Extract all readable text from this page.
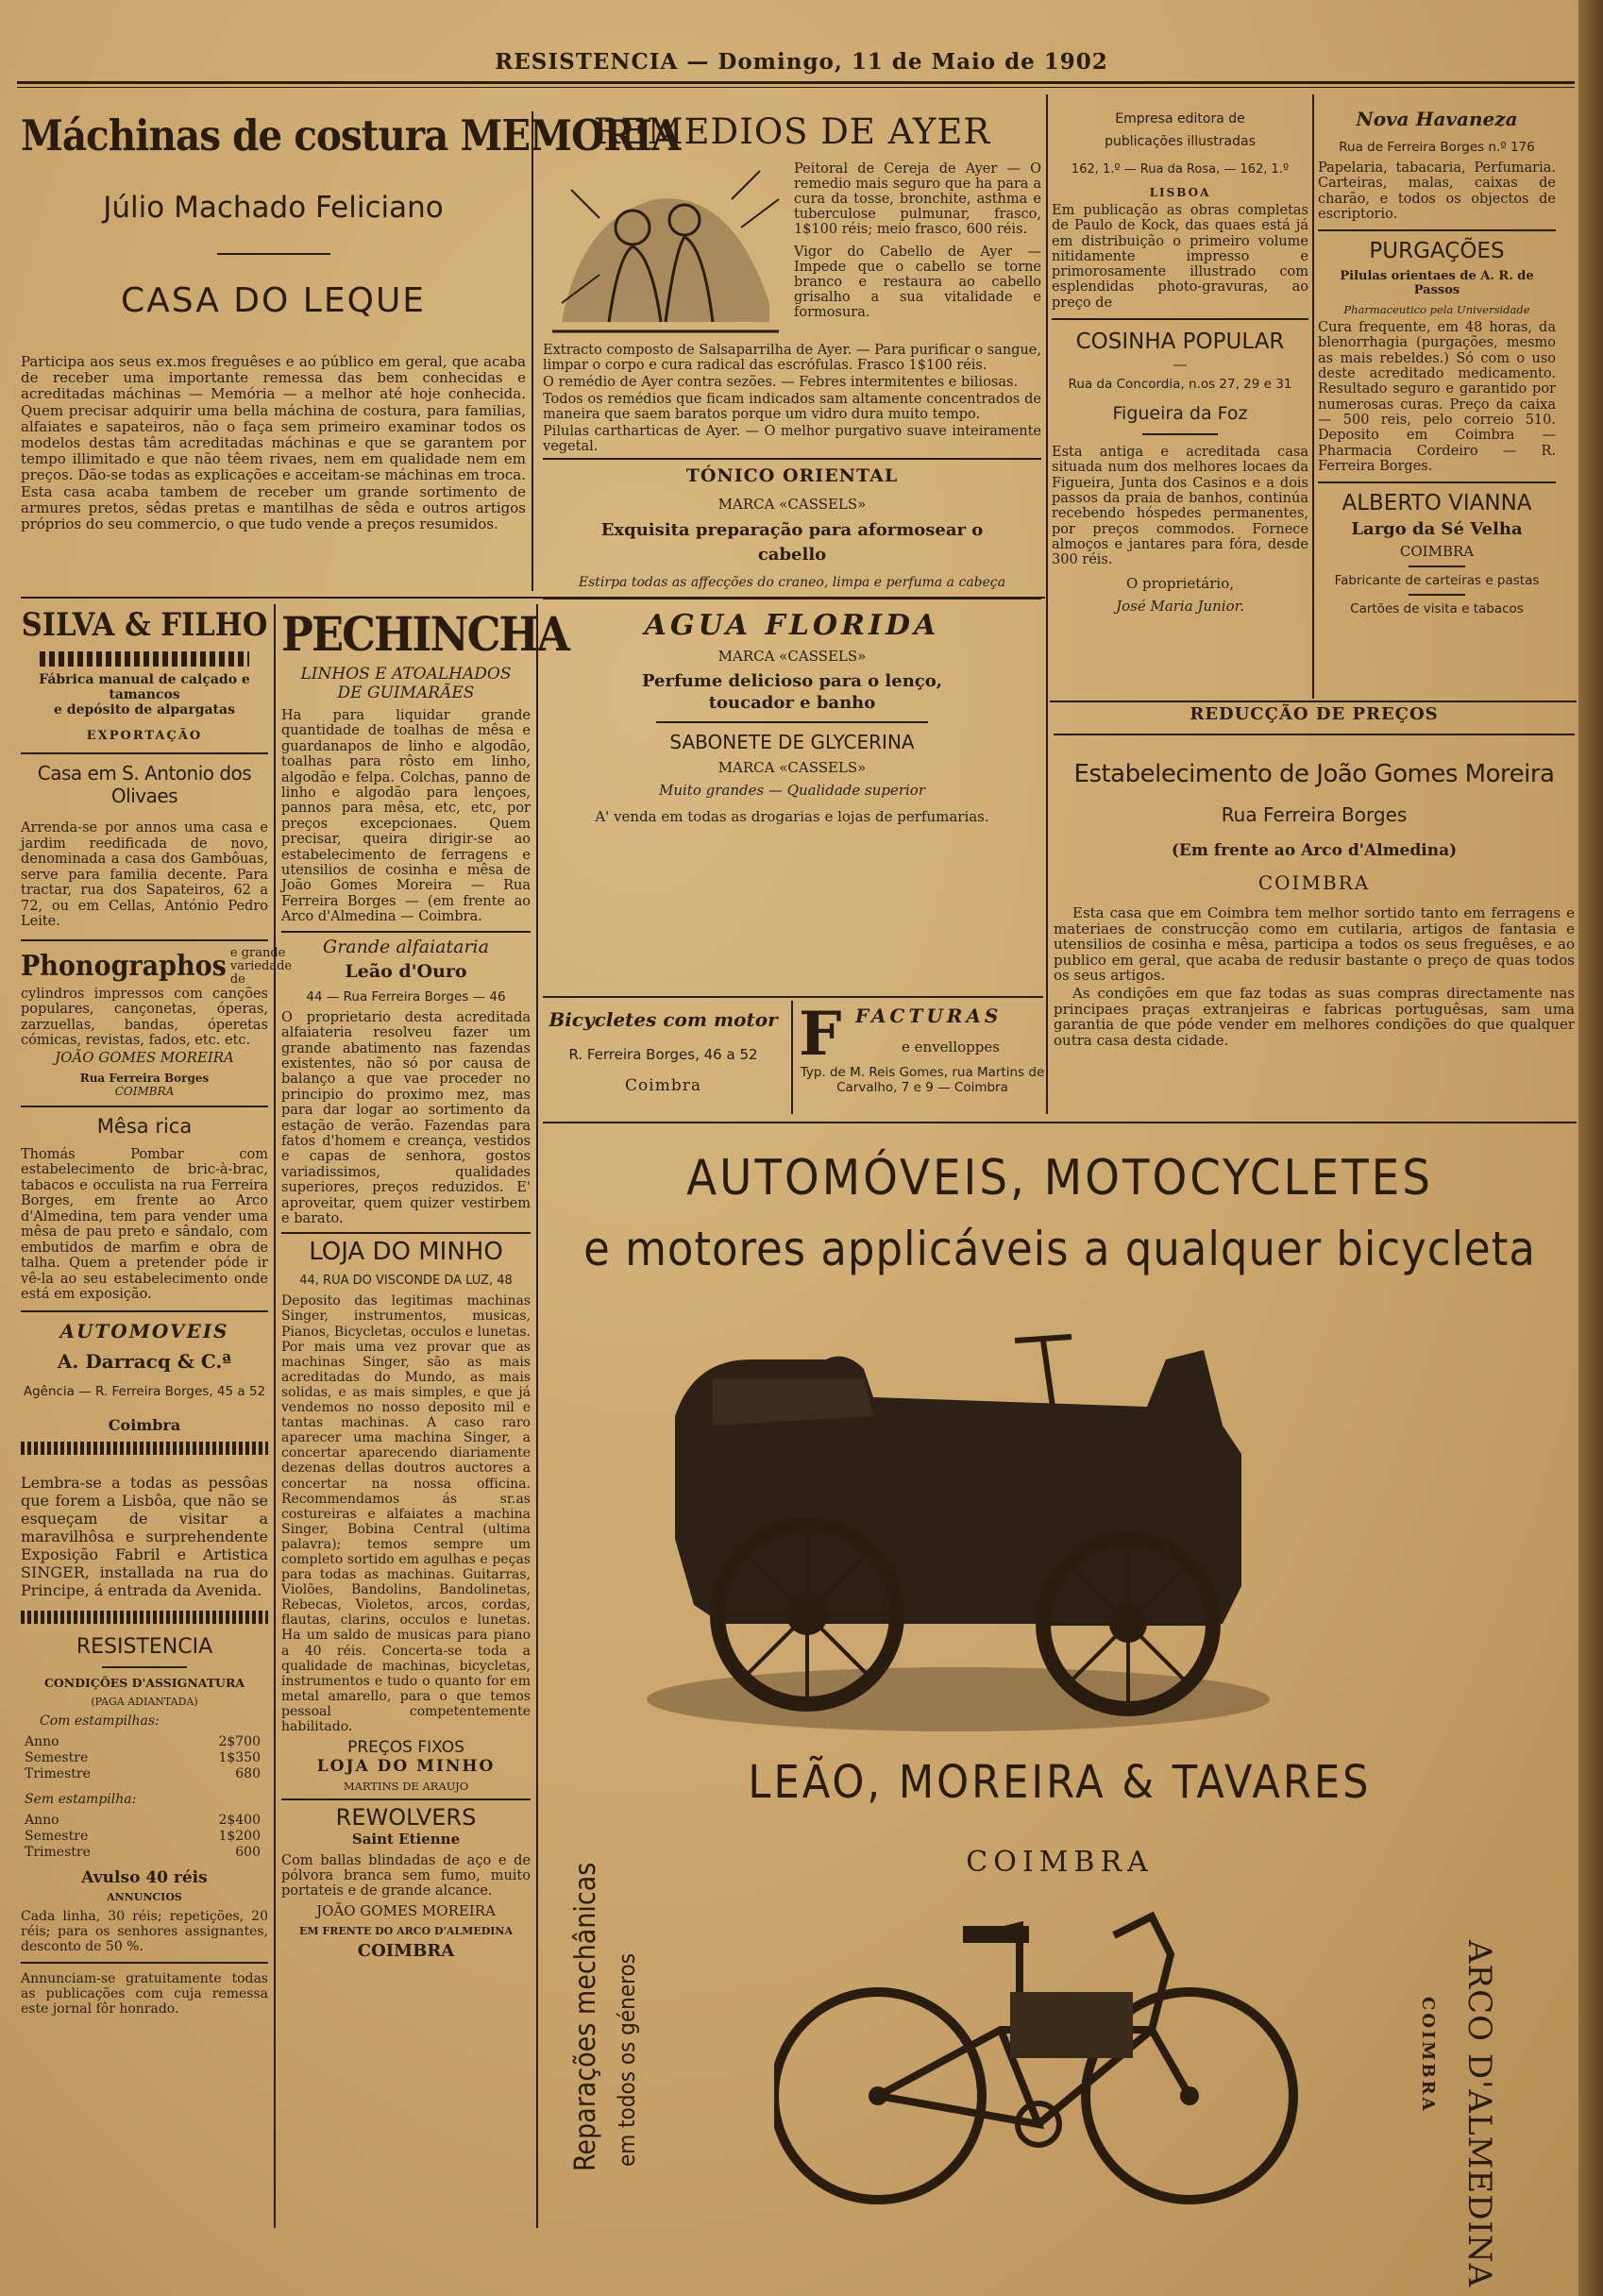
RESISTENCIA — Domingo, 11 de Maio de 1902
Máchinas de costura MEMORIA
Júlio Machado Feliciano
CASA DO LEQUE
Participa aos seus ex.mos freguêses e ao público em geral, que acaba de receber uma importante remessa das bem conhecidas e acreditadas máchinas — Memória — a melhor até hoje conhecida. Quem precisar adquirir uma bella máchina de costura, para familias, alfaiates e sapateiros, não o faça sem primeiro examinar todos os modelos destas tâm acreditadas máchinas e que se garantem por tempo illimitado e que não têem rivaes, nem em qualidade nem em preços. Dão-se todas as explicações e acceitam-se máchinas em troca. Esta casa acaba tambem de receber um grande sortimento de armures pretos, sêdas pretas e mantilhas de sêda e outros artigos próprios do seu commercio, o que tudo vende a preços resumidos.
SILVA & FILHO
Fábrica manual de calçado e tamancos
e depósito de alpargatas
EXPORTAÇÃO
Casa em S. Antonio dos Olivaes
Arrenda-se por annos uma casa e jardim reedificada de novo, denominada a casa dos Gambôuas, serve para familia decente. Para tractar, rua dos Sapateiros, 62 a 72, ou em Cellas, António Pedro Leite.
Phonographos e grande variedade de
cylindros impressos com canções populares, cançonetas, óperas, zarzuellas, bandas, óperetas cómicas, revistas, fados, etc. etc.
JOÃO GOMES MOREIRA
Rua Ferreira Borges
COIMBRA
Mêsa rica
Thomás Pombar com estabelecimento de bric-à-brac, tabacos e occulista na rua Ferreira Borges, em frente ao Arco d'Almedina, tem para vender uma mêsa de pau preto e sândalo, com embutidos de marfim e obra de talha. Quem a pretender póde ir vê-la ao seu estabelecimento onde está em exposição.
AUTOMOVEIS
A. Darracq & C.ª
Agência — R. Ferreira Borges, 45 a 52
Coimbra
Lembra-se a todas as pessôas que forem a Lisbôa, que não se esqueçam de visitar a maravilhôsa e surprehendente Exposição Fabril e Artistica SINGER, installada na rua do Principe, á entrada da Avenida.
RESISTENCIA
CONDIÇÕES D'ASSIGNATURA
(PAGA ADIANTADA)
Com estampilhas:
Anno	2$700
Semestre	1$350
Trimestre	680
Sem estampilha:
Anno	2$400
Semestre	1$200
Trimestre	600
Avulso 40 réis
ANNUNCIOS
Cada linha, 30 réis; repetições, 20 réis; para os senhores assignantes, desconto de 50 %.
Annunciam-se gratuitamente todas as publicações com cuja remessa este jornal fôr honrado.
PECHINCHA
LINHOS E ATOALHADOS
DE GUIMARÃES
Ha para liquidar grande quantidade de toalhas de mêsa e guardanapos de linho e algodão, toalhas para rôsto em linho, algodão e felpa. Colchas, panno de linho e algodão para lençoes, pannos para mêsa, etc, etc, por preços excepcionaes. Quem precisar, queira dirigir-se ao estabelecimento de ferragens e utensilios de cosinha e mêsa de João Gomes Moreira — Rua Ferreira Borges — (em frente ao Arco d'Almedina — Coimbra.
Grande alfaiataria
Leão d'Ouro
44 — Rua Ferreira Borges — 46
O proprietario desta acreditada alfaiateria resolveu fazer um grande abatimento nas fazendas existentes, não só por causa de balanço a que vae proceder no principio do proximo mez, mas para dar logar ao sortimento da estação de verão. Fazendas para fatos d'homem e creança, vestidos e capas de senhora, gostos variadissimos, qualidades superiores, preços reduzidos. E' aproveitar, quem quizer vestirbem e barato.
LOJA DO MINHO
44, RUA DO VISCONDE DA LUZ, 48
Deposito das legitimas machinas Singer, instrumentos, musicas, Pianos, Bicycletas, occulos e lunetas. Por mais uma vez provar que as machinas Singer, são as mais acreditadas do Mundo, as mais solidas, e as mais simples, e que já vendemos no nosso deposito mil e tantas machinas. A caso raro aparecer uma machina Singer, a concertar aparecendo diariamente dezenas dellas doutros auctores a concertar na nossa officina. Recommendamos ás sr.as costureiras e alfaiates a machina Singer, Bobina Central (ultima palavra); temos sempre um completo sortido em agulhas e peças para todas as machinas. Guitarras, Violões, Bandolins, Bandolinetas, Rebecas, Violetos, arcos, cordas, flautas, clarins, occulos e lunetas. Ha um saldo de musicas para piano a 40 réis. Concerta-se toda a qualidade de machinas, bicycletas, instrumentos e tudo o quanto for em metal amarello, para o que temos pessoal competentemente habilitado.
PREÇOS FIXOS
LOJA DO MINHO
MARTINS DE ARAUJO
REWOLVERS
Saint Etienne
Com ballas blindadas de aço e de pólvora branca sem fumo, muito portateis e de grande alcance.
JOÃO GOMES MOREIRA
EM FRENTE DO ARCO D'ALMEDINA
COIMBRA
REMEDIOS DE AYER
Peitoral de Cereja de Ayer — O remedio mais seguro que ha para a cura da tosse, bronchite, asthma e tuberculose pulmunar, frasco, 1$100 réis; meio frasco, 600 réis.
Vigor do Cabello de Ayer — Impede que o cabello se torne branco e restaura ao cabello grisalho a sua vitalidade e formosura.
Extracto composto de Salsaparrilha de Ayer. — Para purificar o sangue, limpar o corpo e cura radical das escrófulas. Frasco 1$100 réis.
O remédio de Ayer contra sezões. — Febres intermitentes e biliosas.
Todos os remédios que ficam indicados sam altamente concentrados de maneira que saem baratos porque um vidro dura muito tempo.
Pilulas cartharticas de Ayer. — O melhor purgativo suave inteiramente vegetal.
TÓNICO ORIENTAL
MARCA «CASSELS»
Exquisita preparação para aformosear o cabello
Estirpa todas as affecções do craneo, limpa e perfuma a cabeça
AGUA FLORIDA
MARCA «CASSELS»
Perfume delicioso para o lenço, toucador e banho
SABONETE DE GLYCERINA
MARCA «CASSELS»
Muito grandes — Qualidade superior
A' venda em todas as drogarias e lojas de perfumarias.
Bicycletes com motor
R. Ferreira Borges, 46 a 52
Coimbra
F FACTURAS
e envelloppes
Typ. de M. Reis Gomes, rua Martins de Carvalho, 7 e 9 — Coimbra
Empresa editora de
publicações illustradas
162, 1.º — Rua da Rosa, — 162, 1.º
LISBOA
Em publicação as obras completas de Paulo de Kock, das quaes está já em distribuição o primeiro volume nitidamente impresso e primorosamente illustrado com esplendidas photo-gravuras, ao preço de
COSINHA POPULAR
—
Rua da Concordia, n.os 27, 29 e 31
Figueira da Foz
Esta antiga e acreditada casa situada num dos melhores locaes da Figueira, Junta dos Casinos e a dois passos da praia de banhos, continúa recebendo hóspedes permanentes, por preços commodos. Fornece almoços e jantares para fóra, desde 300 réis.
O proprietário,
José Maria Junior.
Nova Havaneza
Rua de Ferreira Borges n.º 176
Papelaria, tabacaria, Perfumaria. Carteiras, malas, caixas de charão, e todos os objectos de escriptorio.
PURGAÇÕES
Pilulas orientaes de A. R. de Passos
Pharmaceutico pela Universidade
Cura frequente, em 48 horas, da blenorrhagia (purgações, mesmo as mais rebeldes.) Só com o uso deste acreditado medicamento. Resultado seguro e garantido por numerosas curas. Preço da caixa — 500 reis, pelo correio 510. Deposito em Coimbra — Pharmacia Cordeiro — R. Ferreira Borges.
ALBERTO VIANNA
Largo da Sé Velha
COIMBRA
Fabricante de carteiras e pastas
Cartões de visita e tabacos
REDUCÇÃO DE PREÇOS
Estabelecimento de João Gomes Moreira
Rua Ferreira Borges
(Em frente ao Arco d'Almedina)
COIMBRA
Esta casa que em Coimbra tem melhor sortido tanto em ferragens e materiaes de construcção como em cutilaria, artigos de fantasia e utensilios de cosinha e mêsa, participa a todos os seus freguêses, e ao publico em geral, que acaba de redusir bastante o preço de quas todos os seus artigos.
As condições em que faz todas as suas compras directamente nas principaes praças extranjeiras e fabricas portuguêsas, sam uma garantia de que póde vender em melhores condições do que qualquer outra casa desta cidade.
AUTOMÓVEIS, MOTOCYCLETES
e motores applicáveis a qualquer bicycleta
LEÃO, MOREIRA & TAVARES
COIMBRA
Reparações mechânicas em todos os géneros	ARCO D'ALMEDINA
COIMBRA
